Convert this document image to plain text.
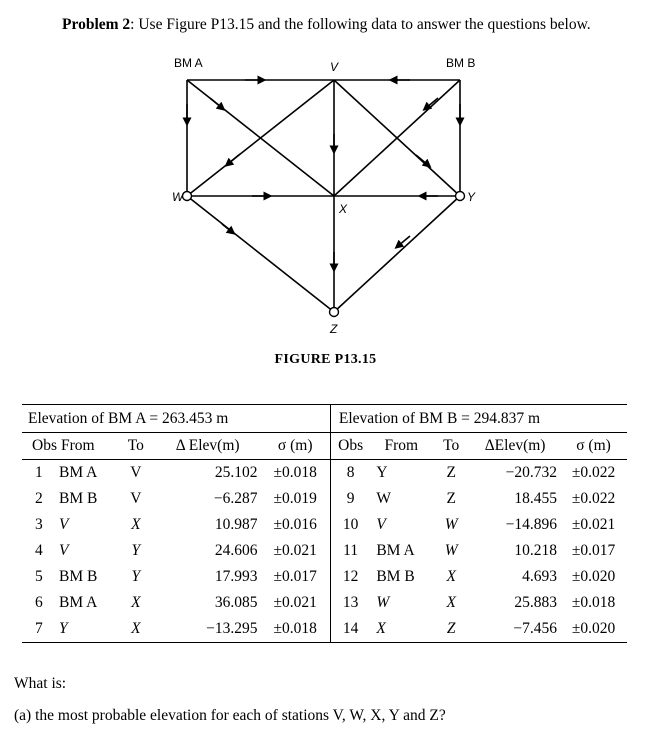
Problem 2: Use Figure P13.15 and the following data to answer the questions below.
BM A	V	BM B
W
X
Y
Z
FIGURE P13.15
Elevation of BM A = 263.453 m					Elevation of BM B = 294.837 m				
Obs	From	To	Δ Elev(m)	σ (m)	Obs	From	To	ΔElev(m)	σ (m)
1	BM A	V	25.102	±0.018	8	Y	Z	−20.732	±0.022
2	BM B	V	−6.287	±0.019	9	W	Z	18.455	±0.022
3	V	X	10.987	±0.016	10	V	W	−14.896	±0.021
4	V	Y	24.606	±0.021	11	BM A	W	10.218	±0.017
5	BM B	Y	17.993	±0.017	12	BM B	X	4.693	±0.020
6	BM A	X	36.085	±0.021	13	W	X	25.883	±0.018
7	Y	X	−13.295	±0.018	14	X	Z	−7.456	±0.020
What is:
(a) the most probable elevation for each of stations V, W, X, Y and Z?
